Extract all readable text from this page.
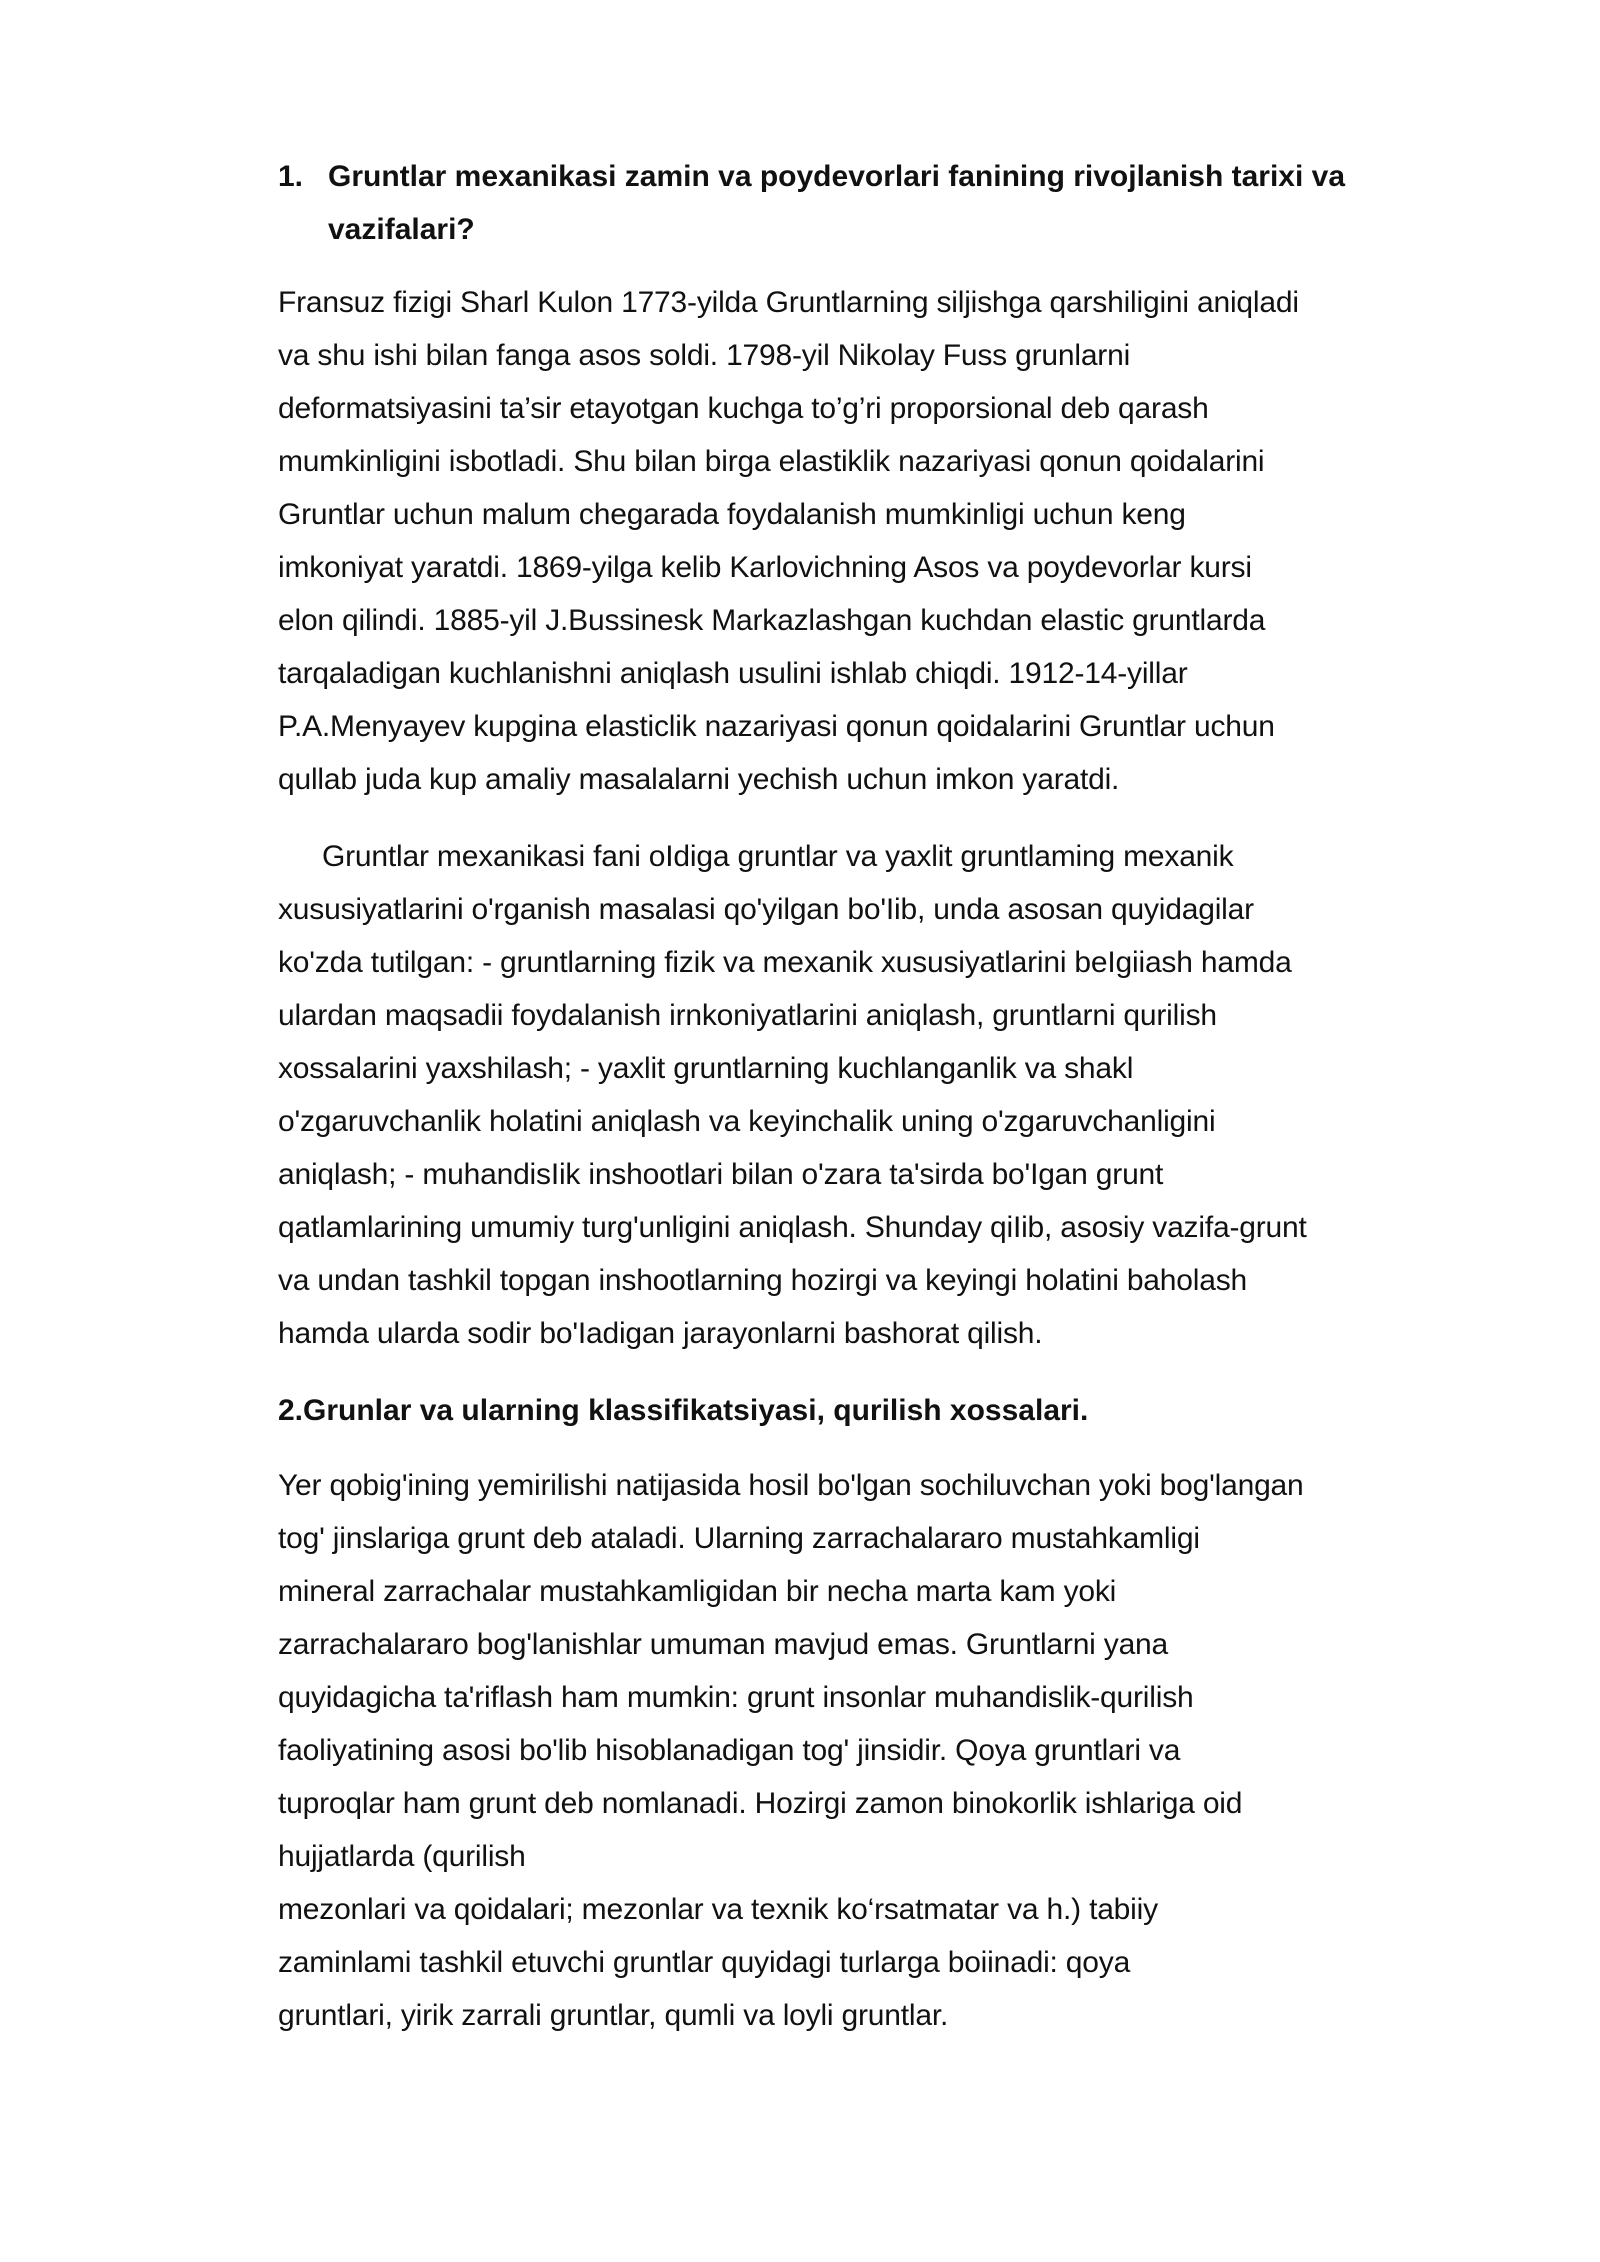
1. Gruntlar mexanikasi zamin va poydevorlari fanining rivojlanish tarixi va
vazifalari?

Fransuz fizigi Sharl Kulon 1773-yilda Gruntlarning siljishga qarshiligini aniqladi
va shu ishi bilan fanga asos soldi. 1798-yil Nikolay Fuss grunlarni
deformatsiyasini ta’sir etayotgan kuchga to’g’ri proporsional deb qarash
mumkinligini isbotladi. Shu bilan birga elastiklik nazariyasi qonun qoidalarini
Gruntlar uchun malum chegarada foydalanish mumkinligi uchun keng
imkoniyat yaratdi. 1869-yilga kelib Karlovichning Asos va poydevorlar kursi
elon qilindi. 1885-yil J.Bussinesk Markazlashgan kuchdan elastic gruntlarda
tarqaladigan kuchlanishni aniqlash usulini ishlab chiqdi. 1912-14-yillar
P.A.Menyayev kupgina elasticlik nazariyasi qonun qoidalarini Gruntlar uchun
qullab juda kup amaliy masalalarni yechish uchun imkon yaratdi.

Gruntlar mexanikasi fani oIdiga gruntlar va yaxlit gruntlaming mexanik
xususiyatlarini o'rganish masalasi qo'yilgan bo'Iib, unda asosan quyidagilar
ko'zda tutilgan: - gruntlarning fizik va mexanik xususiyatlarini beIgiiash hamda
ulardan maqsadii foydalanish irnkoniyatlarini aniqlash, gruntlarni qurilish
xossalarini yaxshilash; - yaxlit gruntlarning kuchlanganlik va shakl
o'zgaruvchanlik holatini aniqlash va keyinchalik uning o'zgaruvchanligini
aniqlash; - muhandisIik inshootlari bilan o'zara ta'sirda bo'Igan grunt
qatlamlarining umumiy turg'unligini aniqlash. Shunday qiIib, asosiy vazifa-grunt
va undan tashkil topgan inshootlarning hozirgi va keyingi holatini baholash
hamda ularda sodir bo'Iadigan jarayonlarni bashorat qilish.

2.Grunlar va ularning klassifikatsiyasi, qurilish xossalari.

Yer qobig'ining yemirilishi natijasida hosil bo'lgan sochiluvchan yoki bog'langan
tog' jinslariga grunt deb ataladi. Ularning zarrachalararo mustahkamligi
mineral zarrachalar mustahkamligidan bir necha marta kam yoki
zarrachalararo bog'lanishlar umuman mavjud emas. Gruntlarni yana
quyidagicha ta'riflash ham mumkin: grunt insonlar muhandislik-qurilish
faoliyatining asosi bo'lib hisoblanadigan tog' jinsidir. Qoya gruntlari va
tuproqlar ham grunt deb nomlanadi. Hozirgi zamon binokorlik ishlariga oid
hujjatlarda (qurilish
mezonlari va qoidalari; mezonlar va texnik ko‘rsatmatar va h.) tabiiy
zaminlami tashkil etuvchi gruntlar quyidagi turlarga boiinadi: qoya
gruntlari, yirik zarrali gruntlar, qumli va loyli gruntlar.
